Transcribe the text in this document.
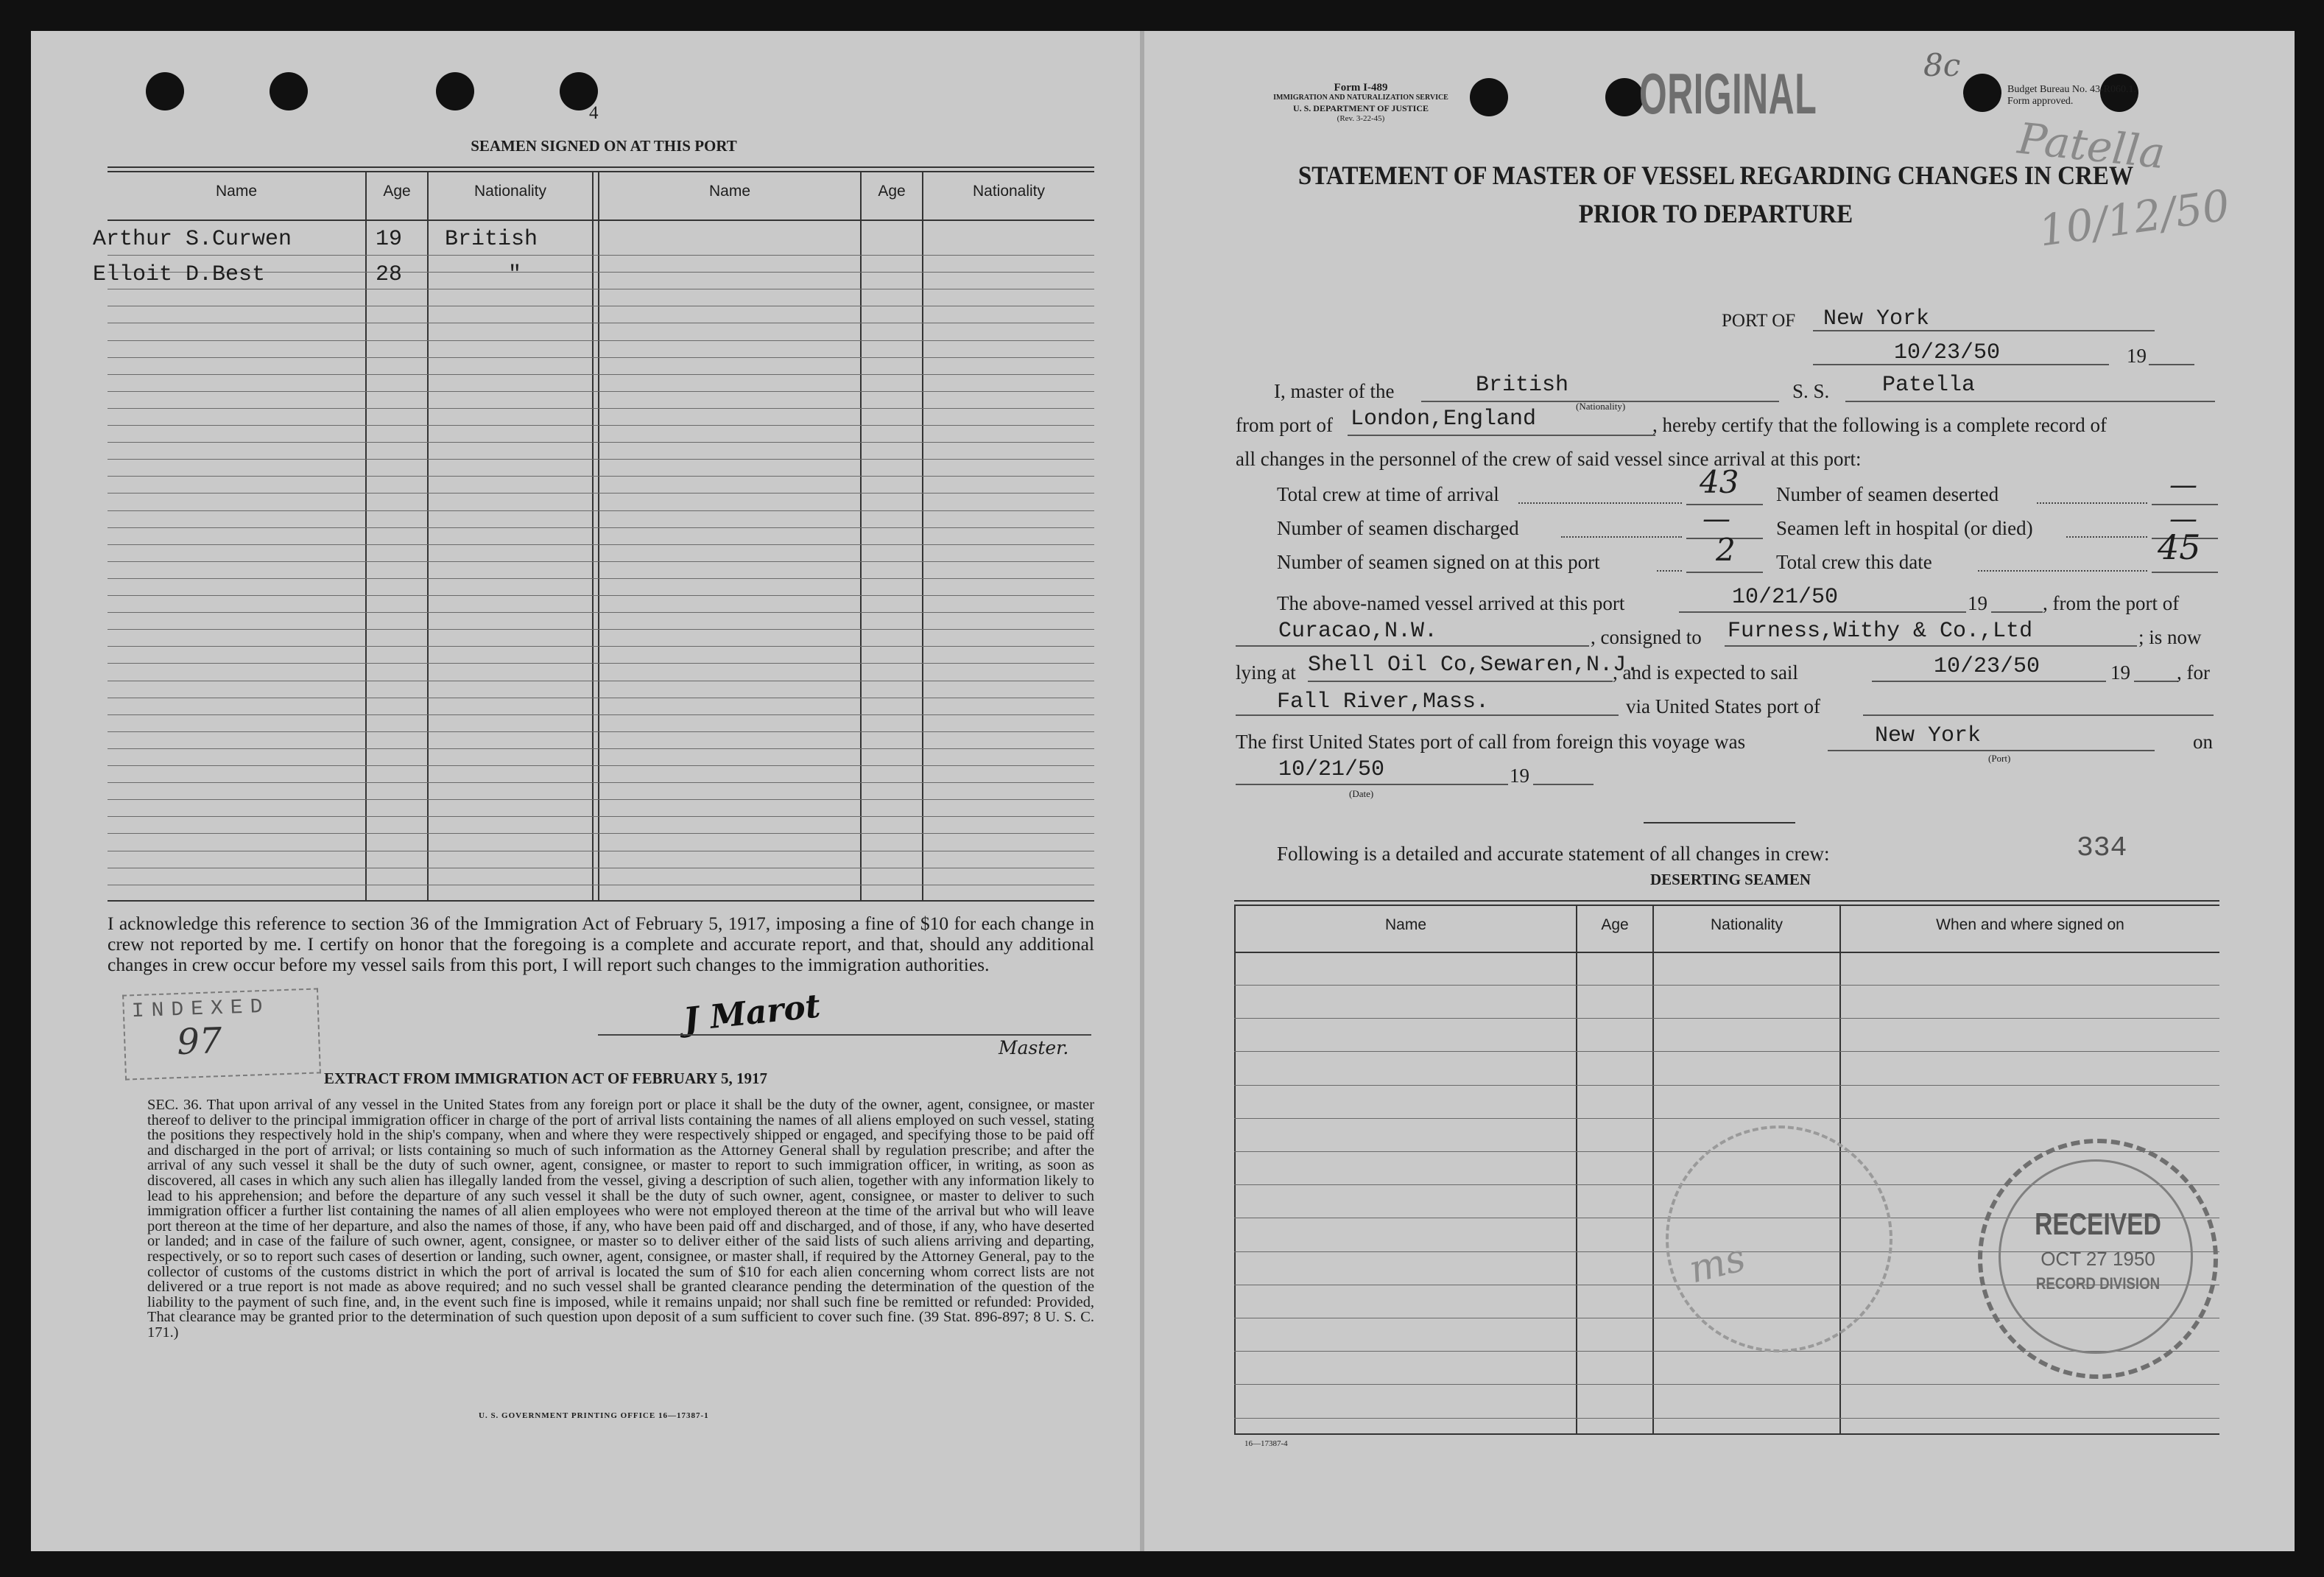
4
SEAMEN SIGNED ON AT THIS PORT
Name	Age	Nationality	Name	Age	Nationality
Arthur S.Curwen	19 British
Elloit D.Best	28	"
I acknowledge this reference to section 36 of the Immigration Act of February 5, 1917, imposing a fine of $10 for each change in crew not reported by me. I certify on honor that the foregoing is a complete and accurate report, and that, should any additional changes in crew occur before my vessel sails from this port, I will report such changes to the immigration authorities.
INDEXED
97
J Marot
Master.
EXTRACT FROM IMMIGRATION ACT OF FEBRUARY 5, 1917
SEC. 36. That upon arrival of any vessel in the United States from any foreign port or place it shall be the duty of the owner, agent, consignee, or master thereof to deliver to the principal immigration officer in charge of the port of arrival lists containing the names of all aliens employed on such vessel, stating the positions they respectively hold in the ship's company, when and where they were respectively shipped or engaged, and specifying those to be paid off and discharged in the port of arrival; or lists containing so much of such information as the Attorney General shall by regulation prescribe; and after the arrival of any such vessel it shall be the duty of such owner, agent, consignee, or master to report to such immigration officer, in writing, as soon as discovered, all cases in which any such alien has illegally landed from the vessel, giving a description of such alien, together with any information likely to lead to his apprehension; and before the departure of any such vessel it shall be the duty of such owner, agent, consignee, or master to deliver to such immigration officer a further list containing the names of all alien employees who were not employed thereon at the time of the arrival but who will leave port thereon at the time of her departure, and also the names of those, if any, who have been paid off and discharged, and of those, if any, who have deserted or landed; and in case of the failure of such owner, agent, consignee, or master so to deliver either of the said lists of such aliens arriving and departing, respectively, or so to report such cases of desertion or landing, such owner, agent, consignee, or master shall, if required by the Attorney General, pay to the collector of customs of the customs district in which the port of arrival is located the sum of $10 for each alien concerning whom correct lists are not delivered or a true report is not made as above required; and no such vessel shall be granted clearance pending the determination of the question of the liability to the payment of such fine, and, in the event such fine is imposed, while it remains unpaid; nor shall such fine be remitted or refunded: Provided, That clearance may be granted prior to the determination of such question upon deposit of a sum sufficient to cover such fine. (39 Stat. 896-897; 8 U. S. C. 171.)
U. S. GOVERNMENT PRINTING OFFICE 16—17387-1
Form I-489
IMMIGRATION AND NATURALIZATION SERVICE
U. S. DEPARTMENT OF JUSTICE
(Rev. 3-22-45)	ORIGINAL	8c
Budget Bureau No. 43-R060.1.
Form approved.
Patella
10/12/50
STATEMENT OF MASTER OF VESSEL REGARDING CHANGES IN CREW
PRIOR TO DEPARTURE
PORT OF New York
10/23/50	19
I, master of the	British
(Nationality)
S. S. Patella
from port of London,England	, hereby certify that the following is a complete record of
all changes in the personnel of the crew of said vessel since arrival at this port:
Total crew at time of arrival	43 Number of seamen deserted	—
Number of seamen discharged	— Seamen left in hospital (or died)	—
Number of seamen signed on at this port	2 Total crew this date	45
The above-named vessel arrived at this port	10/21/50	19	, from the port of
Curacao,N.W.	, consigned to Furness,Withy & Co.,Ltd	; is now
lying at Shell Oil Co,Sewaren,N.J.
, and is expected to sail	10/23/50	19 , for
Fall River,Mass.	via United States port of
The first United States port of call from foreign this voyage was	New York
(Port)
on
10/21/50
(Date)
19
Following is a detailed and accurate statement of all changes in crew:	334
DESERTING SEAMEN
Name	Age	Nationality	When and where signed on
ms
RECEIVED
OCT 27 1950
RECORD DIVISION
16—17387-4
